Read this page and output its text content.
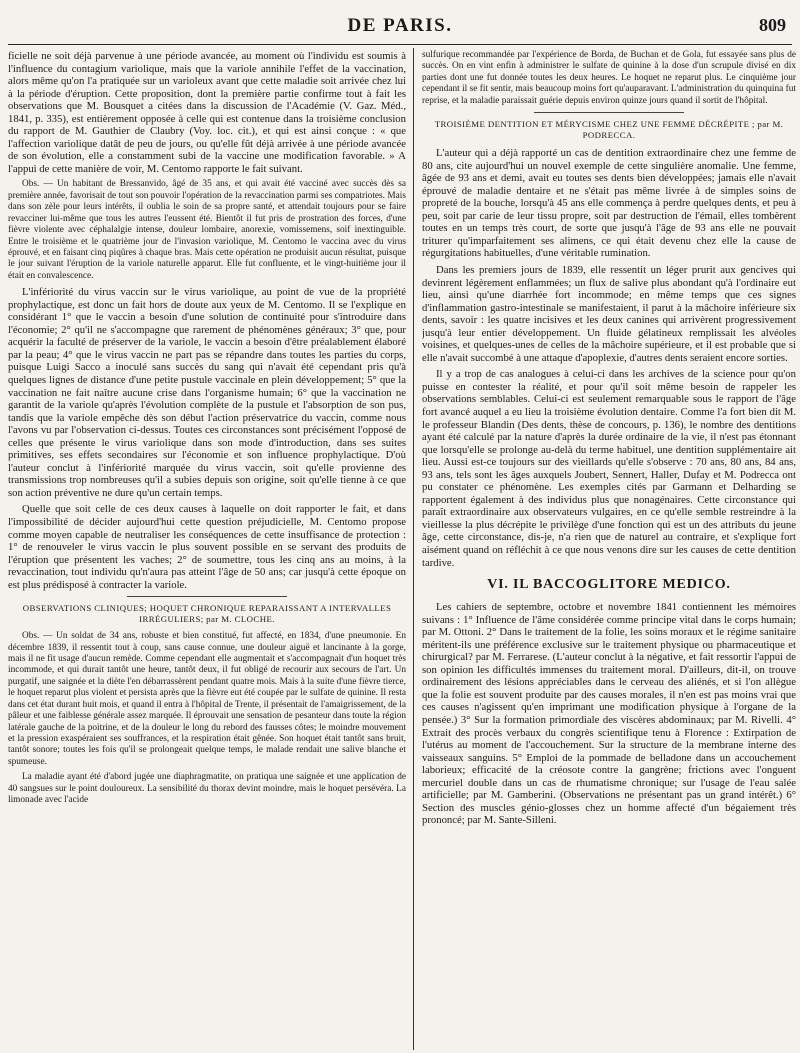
DE PARIS.	809

ficielle ne soit déjà parvenue à une période avancée, au moment où l'individu est soumis à l'influence du contagium variolique, mais que la variole annihile l'effet de la vaccination, alors même qu'on l'a pratiquée sur un varioleux avant que cette maladie soit arrivée chez lui à la période d'éruption. Cette proposition, dont la première partie confirme tout à fait les observations que M. Bousquet a citées dans la discussion de l'Académie (V. Gaz. Méd., 1841, p. 335), est entièrement opposée à celle qui est contenue dans la troisième conclusion du rapport de M. Gauthier de Claubry (Voy. loc. cit.), et qui est ainsi conçue : « que l'affection variolique datât de peu de jours, ou qu'elle fût déjà arrivée à une période avancée de son évolution, elle a constamment subi de la vaccine une modification favorable. » A l'appui de cette manière de voir, M. Centomo rapporte le fait suivant.

Obs. — Un habitant de Bressanvido, âgé de 35 ans, et qui avait été vacciné avec succès dès sa première année, favorisait de tout son pouvoir l'opération de la revaccination parmi ses compatriotes. Mais dans son zèle pour leurs intérêts, il oublia le soin de sa propre santé, et attendait toujours pour se faire revacciner lui-même que tous les autres l'eussent été. Bientôt il fut pris de prostration des forces, d'une fièvre violente avec céphalalgie intense, douleur lombaire, anorexie, vomissemens, soif inextinguible. Entre le troisième et le quatrième jour de l'invasion variolique, M. Centomo le vaccina avec du virus éprouvé, et en faisant cinq piqûres à chaque bras. Mais cette opération ne produisit aucun résultat, puisque le jour suivant l'éruption de la variole naturelle apparut. Elle fut confluente, et le vingt-huitième jour il était en convalescence.

L'infériorité du virus vaccin sur le virus variolique, au point de vue de la propriété prophylactique, est donc un fait hors de doute aux yeux de M. Centomo. Il se l'explique en considérant 1° que le vaccin a besoin d'une solution de continuité pour s'introduire dans l'économie; 2° qu'il ne s'accompagne que rarement de phénomènes généraux; 3° que, pour acquérir la faculté de préserver de la variole, le vaccin a besoin d'être préalablement élaboré par la peau; 4° que le virus vaccin ne part pas se répandre dans toutes les parties du corps, puisque Luigi Sacco a inoculé sans succès du sang qui n'avait été cependant pris qu'à quelques lignes de distance d'une petite pustule vaccinale en plein développement; 5° que la vaccination ne fait naître aucune crise dans l'organisme humain; 6° que la vaccination ne garantit de la variole qu'après l'évolution complète de la pustule et l'absorption de son pus, tandis que la variole empêche dès son début l'action préservatrice du vaccin, comme nous l'avons vu par l'observation ci-dessus. Toutes ces circonstances sont précisément l'opposé de celles que présente le virus variolique dans son mode d'introduction, dans ses suites primitives, ses effets secondaires sur l'économie et son influence prophylactique. D'où l'auteur conclut à l'infériorité marquée du virus vaccin, soit qu'elle provienne des transmissions trop nombreuses qu'il a subies depuis son origine, soit qu'elle tienne à ce que son action préventive ne dure qu'un certain temps.

Quelle que soit celle de ces deux causes à laquelle on doit rapporter le fait, et dans l'impossibilité de décider aujourd'hui cette question préjudicielle, M. Centomo propose comme moyen capable de neutraliser les conséquences de cette insuffisance de protection : 1° de renouveler le virus vaccin le plus souvent possible en se servant des produits de l'éruption que présentent les vaches; 2° de soumettre, tous les cinq ans au moins, à la revaccination, tout individu qu'n'aura pas atteint l'âge de 50 ans; car jusqu'à cette époque on est plus prédisposé à contracter la variole.

OBSERVATIONS CLINIQUES; HOQUET CHRONIQUE REPARAISSANT A INTERVALLES IRRÉGULIERS; par M. CLOCHE.

Obs. — Un soldat de 34 ans, robuste et bien constitué, fut affecté, en 1834, d'une pneumonie. En décembre 1839, il ressentit tout à coup, sans cause connue, une douleur aiguë et lancinante à la gorge, mais il ne fit usage d'aucun remède. Comme cependant elle augmentait et s'accompagnait d'un hoquet très incommode, et qui durait tantôt une heure, tantôt deux, il fut obligé de recourir aux secours de l'art. Un purgatif, une saignée et la diète l'en débarrassèrent pendant quatre mois. Mais à la suite d'une fièvre tierce, le hoquet reparut plus violent et persista après que la fièvre eut été coupée par le sulfate de quinine. Il resta dans cet état durant huit mois, et quand il entra à l'hôpital de Trente, il présentait de l'amaigrissement, de la pâleur et une faiblesse générale assez marquée. Il éprouvait une sensation de pesanteur dans toute la région latérale gauche de la poitrine, et de la douleur le long du rebord des fausses côtes; le moindre mouvement et la pression exaspéraient ses souffrances, et la respiration était gênée. Son hoquet était tantôt sans bruit, tantôt sonore; toutes les fois qu'il se prolongeait quelque temps, le malade rendait une salive blanche et spumeuse.

La maladie ayant été d'abord jugée une diaphragmatite, on pratiqua une saignée et une application de 40 sangsues sur le point douloureux. La sensibilité du thorax devint moindre, mais le hoquet persévéra. La limonade avec l'acide

sulfurique recommandée par l'expérience de Borda, de Buchan et de Gola, fut essayée sans plus de succès. On en vint enfin à administrer le sulfate de quinine à la dose d'un scrupule divisé en dix parties dont une fut donnée toutes les deux heures. Le hoquet ne reparut plus. Le cinquième jour cependant il se fit sentir, mais beaucoup moins fort qu'auparavant. L'administration du quinquina fut reprise, et la maladie paraissait guérie depuis environ quinze jours quand il sortit de l'hôpital.

TROISIÈME DENTITION ET MÉRYCISME CHEZ UNE FEMME DÉCRÉPITE ; par M. PODRECCA.

L'auteur qui a déjà rapporté un cas de dentition extraordinaire chez une femme de 80 ans, cite aujourd'hui un nouvel exemple de cette singulière anomalie. Une femme, âgée de 93 ans et demi, avait eu toutes ses dents bien développées; jamais elle n'avait éprouvé de maladie dentaire et ne s'était pas même livrée à de simples soins de propreté de la bouche, lorsqu'à 45 ans elle commença à perdre quelques dents, et peu à peu, soit par carie de leur tissu propre, soit par destruction de l'émail, elles tombèrent toutes en un temps très court, de sorte que jusqu'à l'âge de 93 ans elle ne pouvait triturer qu'imparfaitement ses alimens, ce qui était devenu chez elle la cause de régurgitations habituelles, d'une véritable rumination.

Dans les premiers jours de 1839, elle ressentit un léger prurit aux gencives qui devinrent légèrement enflammées; un flux de salive plus abondant qu'à l'ordinaire eut lieu, ainsi qu'une diarrhée fort incommode; en même temps que ces signes d'inflammation gastro-intestinale se manifestaient, il parut à la mâchoire inférieure six dents, savoir : les quatre incisives et les deux canines qui arrivèrent progressivement jusqu'à leur entier développement. Un fluide gélatineux remplissait les alvéoles voisines, et quelques-unes de celles de la mâchoire supérieure, et il est probable que si elle n'avait succombé à une attaque d'apoplexie, d'autres dents seraient encore sorties.

Il y a trop de cas analogues à celui-ci dans les archives de la science pour qu'on puisse en contester la réalité, et pour qu'il soit même besoin de rappeler les observations semblables. Celui-ci est seulement remarquable sous le rapport de l'âge fort avancé auquel a eu lieu la troisième évolution dentaire. Comme l'a fort bien dit M. le professeur Blandin (Des dents, thèse de concours, p. 136), le nombre des dentitions ayant été calculé par la nature d'après la durée ordinaire de la vie, il n'est pas étonnant que lorsqu'elle se prolonge au-delà du terme habituel, une dentition supplémentaire ait lieu. Aussi est-ce toujours sur des vieillards qu'elle s'observe : 70 ans, 80 ans, 84 ans, 93 ans, tels sont les âges auxquels Joubert, Sennert, Haller, Dufay et M. Podrecca ont pu constater ce phénomène. Les exemples cités par Garmann et Delharding se rapportent également à des individus plus que nonagénaires. Cette circonstance qui paraît extraordinaire aux observateurs vulgaires, en ce qu'elle semble restreindre à la vieillesse la plus décrépite le privilège d'une fonction qui est un des attributs du jeune âge, cette circonstance, dis-je, n'a rien que de naturel au contraire, et s'explique fort aisément quand on réfléchit à ce que nous venons dire sur les causes de cette dentition tardive.

VI. IL BACCOGLITORE MEDICO.

Les cahiers de septembre, octobre et novembre 1841 contiennent les mémoires suivans : 1° Influence de l'âme considérée comme principe vital dans le corps humain; par M. Ottoni. 2° Dans le traitement de la folie, les soins moraux et le régime sanitaire méritent-ils une préférence exclusive sur le traitement physique ou pharmaceutique et chirurgical? par M. Ferrarese. (L'auteur conclut à la négative, et fait ressortir l'appui de son opinion les difficultés immenses du traitement moral. D'ailleurs, dit-il, on trouve ordinairement des lésions appréciables dans le cerveau des aliénés, et si l'on allègue que la folie est souvent produite par des causes morales, il n'en est pas moins vrai que ces causes n'agissent qu'en imprimant une modification physique à l'organe de la pensée.) 3° Sur la formation primordiale des viscères abdominaux; par M. Rivelli. 4° Extrait des procès verbaux du congrès scientifique tenu à Florence : Extirpation de l'utérus au moment de l'accouchement. Sur la structure de la membrane interne des vaisseaux sanguins. 5° Emploi de la pommade de belladone dans un accouchement laborieux; efficacité de la créosote contre la gangrène; frictions avec l'onguent mercuriel double dans un cas de rhumatisme chronique; sur l'usage de l'eau salée artificielle; par M. Gamberini. (Observations ne présentant pas un grand intérêt.) 6° Section des muscles génio-glosses chez un homme affecté d'un bégaiement très prononcé; par M. Sante-Silleni.
